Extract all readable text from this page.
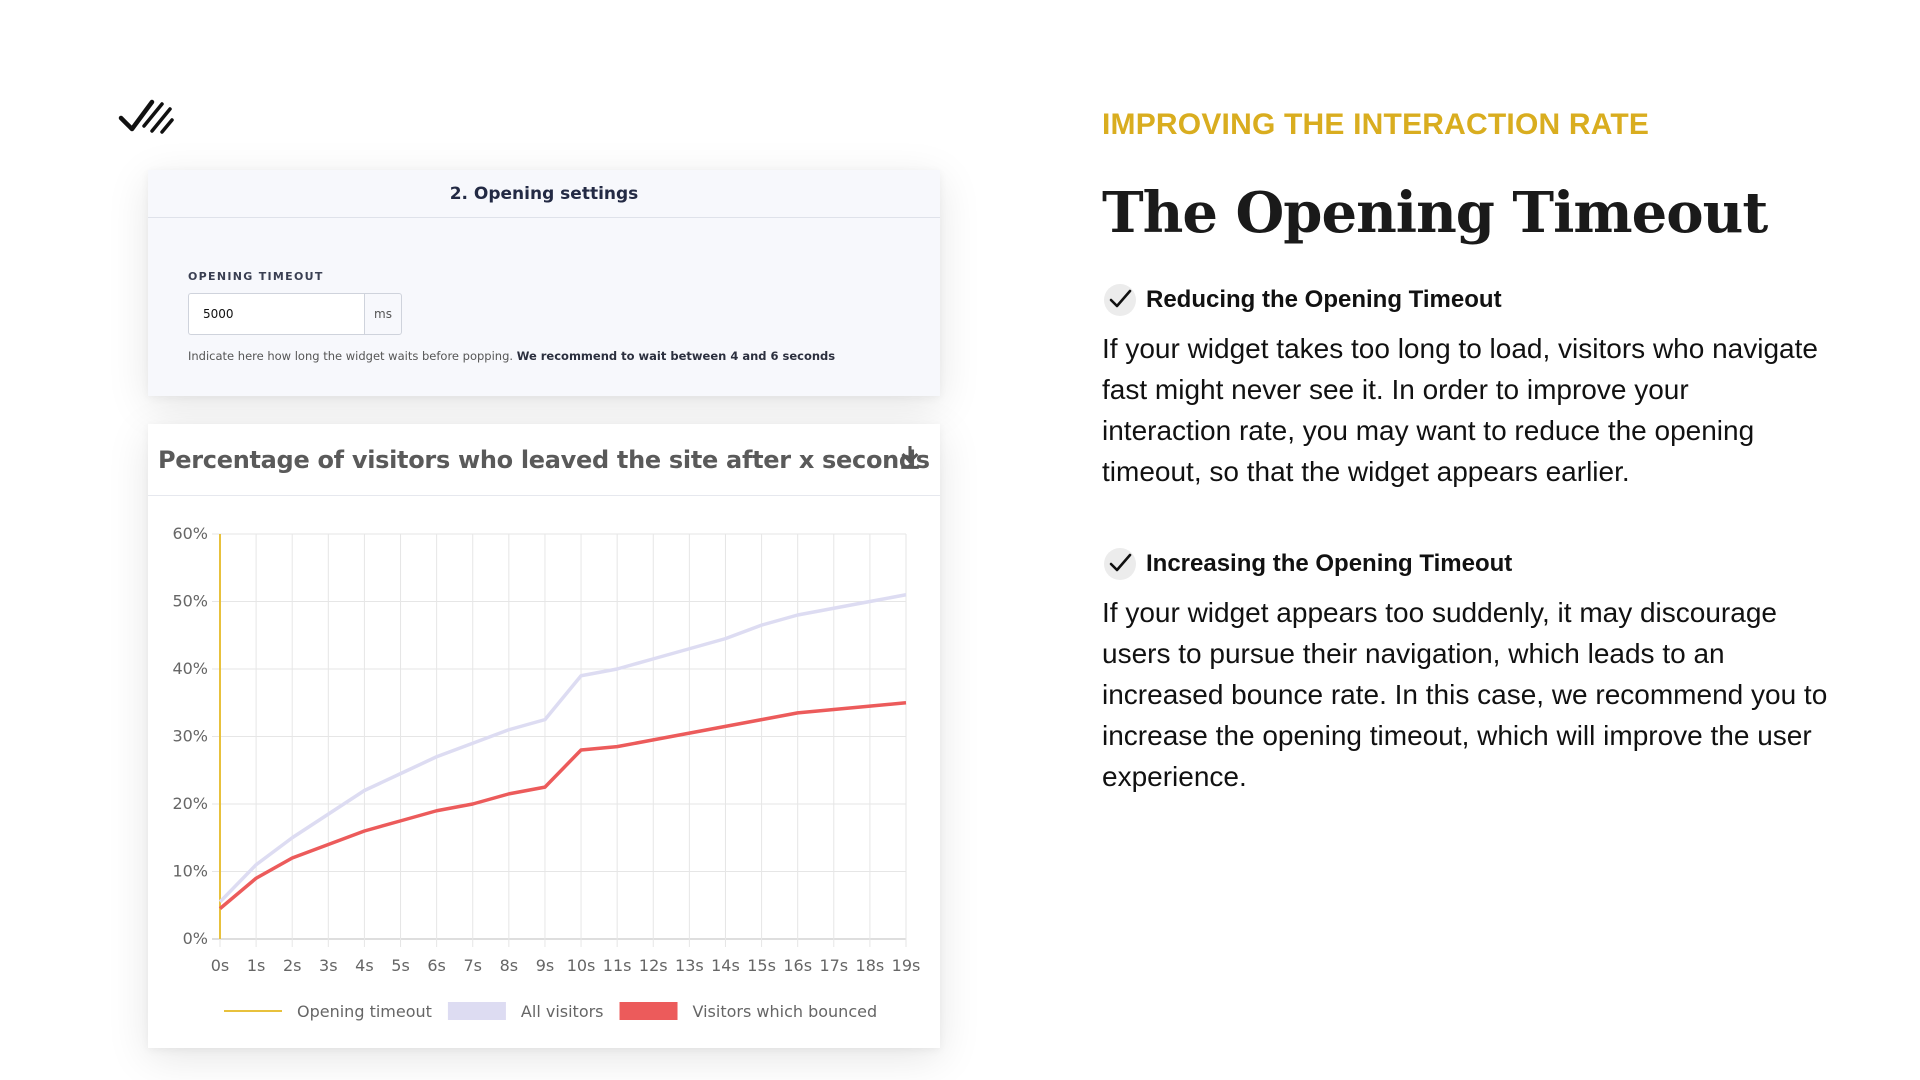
2. Opening settings
OPENING TIMEOUT
5000
ms
Indicate here how long the widget waits before popping. We recommend to wait between 4 and 6 seconds
0%
10%
20%
30%
40%
50%
60%
0s 1s 2s 3s 4s 5s 6s 7s 8s 9s 10s 11s 12s 13s 14s 15s 16s 17s 18s 19s
Opening timeout	All visitors	Visitors which bounced
Percentage of visitors who leaved the site after x seconds
IMPROVING THE INTERACTION RATE
The Opening Timeout
Reducing the Opening Timeout
If your widget takes too long to load, visitors who navigate
fast might never see it. In order to improve your
interaction rate, you may want to reduce the opening
timeout, so that the widget appears earlier.
Increasing the Opening Timeout
If your widget appears too suddenly, it may discourage
users to pursue their navigation, which leads to an
increased bounce rate. In this case, we recommend you to
increase the opening timeout, which will improve the user
experience.
